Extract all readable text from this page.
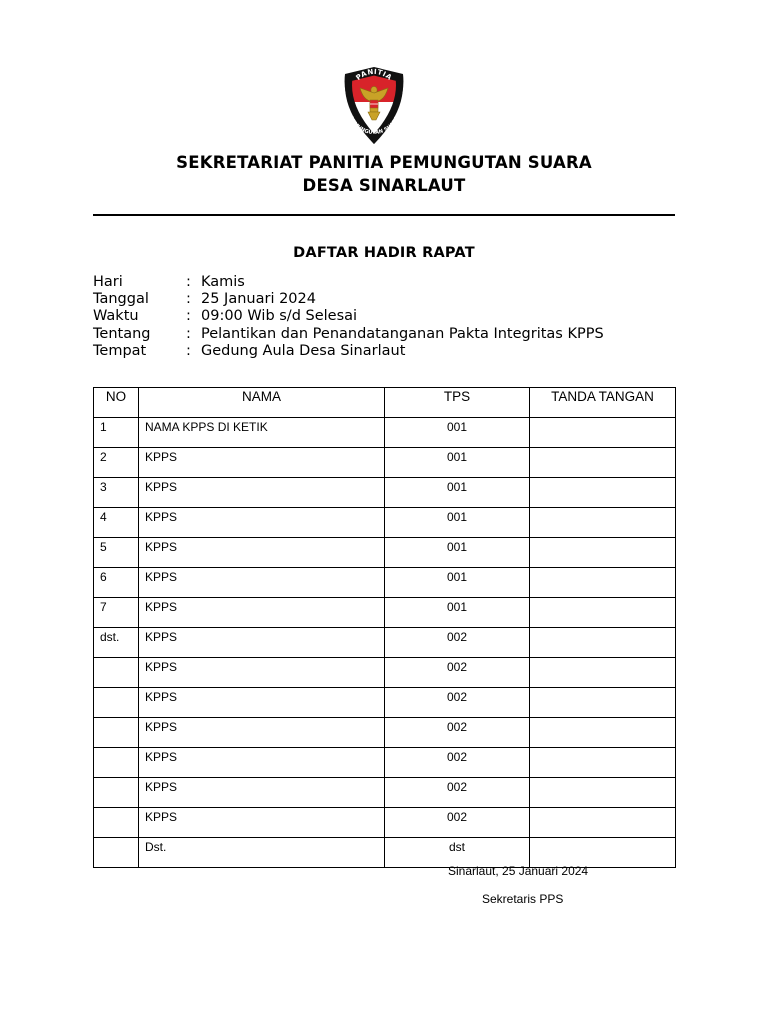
PANITIA
PEMUNGUTAN SUARA
SEKRETARIAT PANITIA PEMUNGUTAN SUARA
DESA SINARLAUT
DAFTAR HADIR RAPAT
Hari	: Kamis
Tanggal	: 25 Januari 2024
Waktu	: 09:00 Wib s/d Selesai
Tentang : Pelantikan dan Penandatanganan Pakta Integritas KPPS
Tempat	: Gedung Aula Desa Sinarlaut
NO	NAMA	TPS	TANDA TANGAN
1	NAMA KPPS DI KETIK	001	
2	KPPS	001	
3	KPPS	001	
4	KPPS	001	
5	KPPS	001	
6	KPPS	001	
7	KPPS	001	
dst.	KPPS	002	
	KPPS	002	
	KPPS	002	
	KPPS	002	
	KPPS	002	
	KPPS	002	
	KPPS	002	
	Dst.	dst	
Sinarlaut, 25 Januari 2024
Sekretaris PPS
